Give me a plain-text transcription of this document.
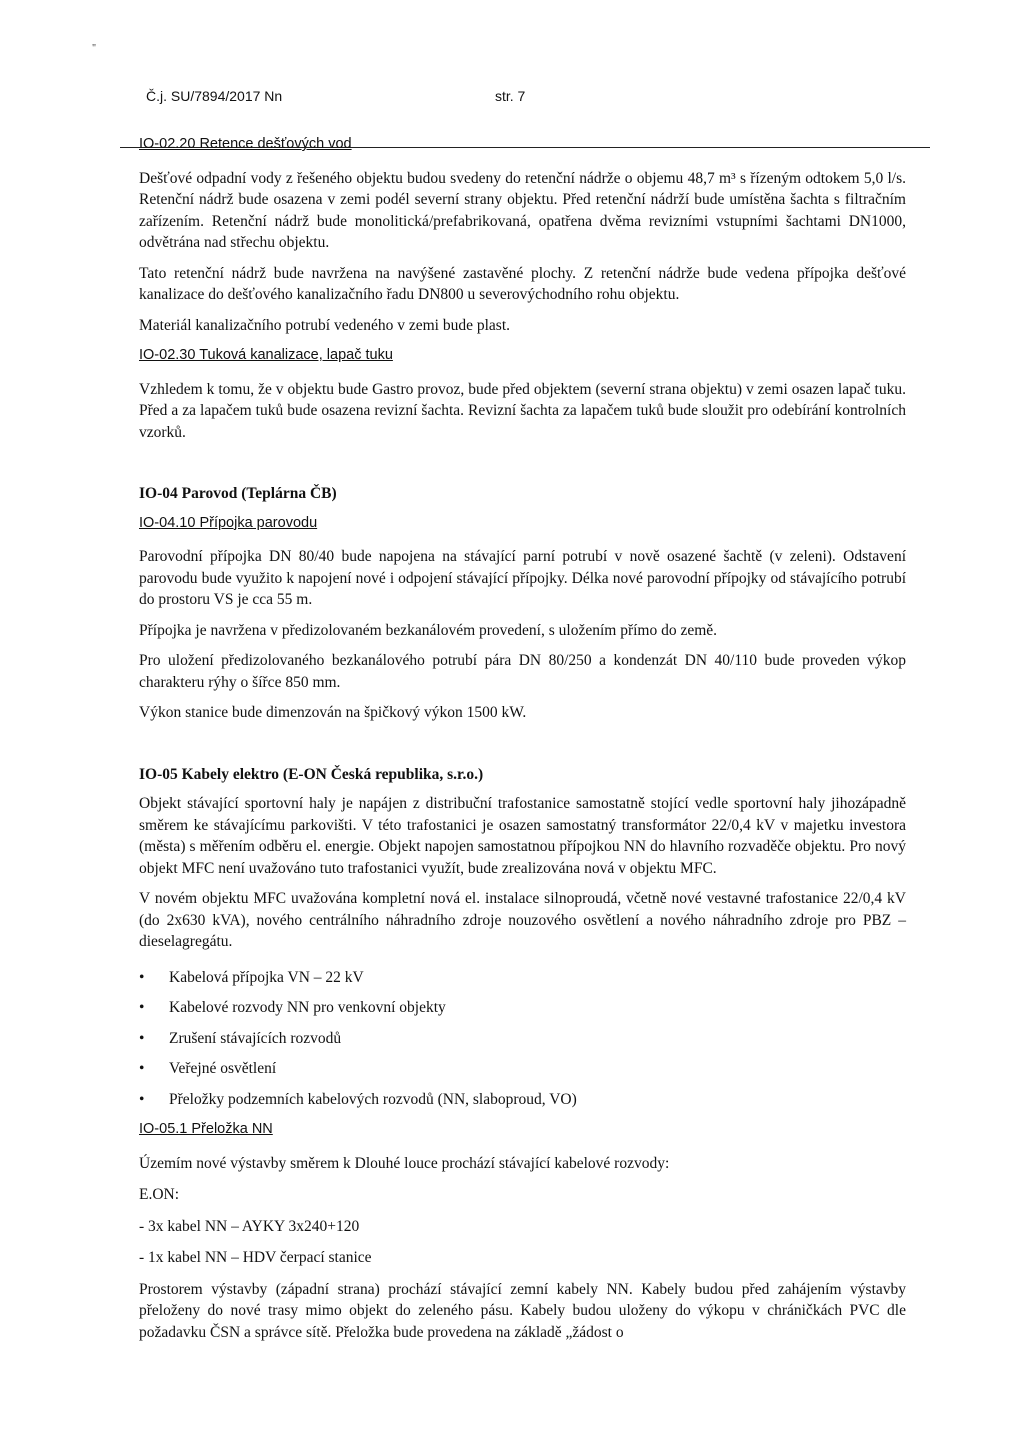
"
Č.j. SU/7894/2017 Nn	str. 7

IO-02.20 Retence dešťových vod

Dešťové odpadní vody z řešeného objektu budou svedeny do retenční nádrže o objemu 48,7 m³ s řízeným odtokem 5,0 l/s. Retenční nádrž bude osazena v zemi podél severní strany objektu. Před retenční nádrží bude umístěna šachta s filtračním zařízením. Retenční nádrž bude monolitická/prefabrikovaná, opatřena dvěma revizními vstupními šachtami DN1000, odvětrána nad střechu objektu.

Tato retenční nádrž bude navržena na navýšené zastavěné plochy. Z retenční nádrže bude vedena přípojka dešťové kanalizace do dešťového kanalizačního řadu DN800 u severovýchodního rohu objektu.

Materiál kanalizačního potrubí vedeného v zemi bude plast.

IO-02.30 Tuková kanalizace, lapač tuku

Vzhledem k tomu, že v objektu bude Gastro provoz, bude před objektem (severní strana objektu) v zemi osazen lapač tuku. Před a za lapačem tuků bude osazena revizní šachta. Revizní šachta za lapačem tuků bude sloužit pro odebírání kontrolních vzorků.

IO-04 Parovod (Teplárna ČB)

IO-04.10 Přípojka parovodu

Parovodní přípojka DN 80/40 bude napojena na stávající parní potrubí v nově osazené šachtě (v zeleni). Odstavení parovodu bude využito k napojení nové i odpojení stávající přípojky. Délka nové parovodní přípojky od stávajícího potrubí do prostoru VS je cca 55 m.

Přípojka je navržena v předizolovaném bezkanálovém provedení, s uložením přímo do země.

Pro uložení předizolovaného bezkanálového potrubí pára DN 80/250 a kondenzát DN 40/110 bude proveden výkop charakteru rýhy o šířce 850 mm.

Výkon stanice bude dimenzován na špičkový výkon 1500 kW.

IO-05 Kabely elektro (E-ON Česká republika, s.r.o.)

Objekt stávající sportovní haly je napájen z distribuční trafostanice samostatně stojící vedle sportovní haly jihozápadně směrem ke stávajícímu parkovišti. V této trafostanici je osazen samostatný transformátor 22/0,4 kV v majetku investora (města) s měřením odběru el. energie. Objekt napojen samostatnou přípojkou NN do hlavního rozvaděče objektu. Pro nový objekt MFC není uvažováno tuto trafostanici využít, bude zrealizována nová v objektu MFC.

V novém objektu MFC uvažována kompletní nová el. instalace silnoproudá, včetně nové vestavné trafostanice 22/0,4 kV (do 2x630 kVA), nového centrálního náhradního zdroje nouzového osvětlení a nového náhradního zdroje pro PBZ – dieselagregátu.

• Kabelová přípojka VN – 22 kV
• Kabelové rozvody NN pro venkovní objekty
• Zrušení stávajících rozvodů
• Veřejné osvětlení
• Přeložky podzemních kabelových rozvodů (NN, slaboproud, VO)

IO-05.1 Přeložka NN

Územím nové výstavby směrem k Dlouhé louce prochází stávající kabelové rozvody:

E.ON:

- 3x kabel NN – AYKY 3x240+120

- 1x kabel NN – HDV čerpací stanice

Prostorem výstavby (západní strana) prochází stávající zemní kabely NN. Kabely budou před zahájením výstavby přeloženy do nové trasy mimo objekt do zeleného pásu. Kabely budou uloženy do výkopu v chráničkách PVC dle požadavku ČSN a správce sítě. Přeložka bude provedena na základě „žádost o
